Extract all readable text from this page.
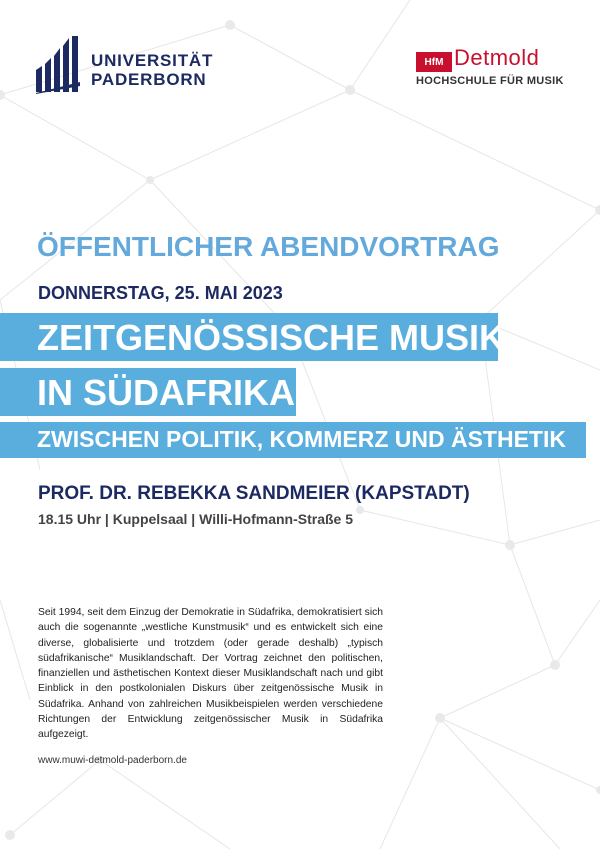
UNIVERSITÄT
PADERBORN
HfM Detmold
HOCHSCHULE FÜR MUSIK
ÖFFENTLICHER ABENDVORTRAG
DONNERSTAG, 25. MAI 2023
ZEITGENÖSSISCHE MUSIK
IN SÜDAFRIKA
ZWISCHEN POLITIK, KOMMERZ UND ÄSTHETIK
PROF. DR. REBEKKA SANDMEIER (KAPSTADT)
18.15 Uhr | Kuppelsaal | Willi-Hofmann-Straße 5
Seit 1994, seit dem Einzug der Demokratie in Südafrika, demokratisiert sich auch die sogenannte „westliche Kunstmusik“ und es entwickelt sich eine diverse, globalisierte und trotzdem (oder gerade deshalb) „typisch südafrikanische“ Musiklandschaft. Der Vortrag zeichnet den politischen, finanziellen und ästhetischen Kontext dieser Musiklandschaft nach und gibt Einblick in den postkolonialen Diskurs über zeitgenössische Musik in Südafrika. Anhand von zahlreichen Musikbeispielen werden verschiedene Richtungen der Entwicklung zeitgenössischer Musik in Südafrika aufgezeigt.
www.muwi-detmold-paderborn.de
